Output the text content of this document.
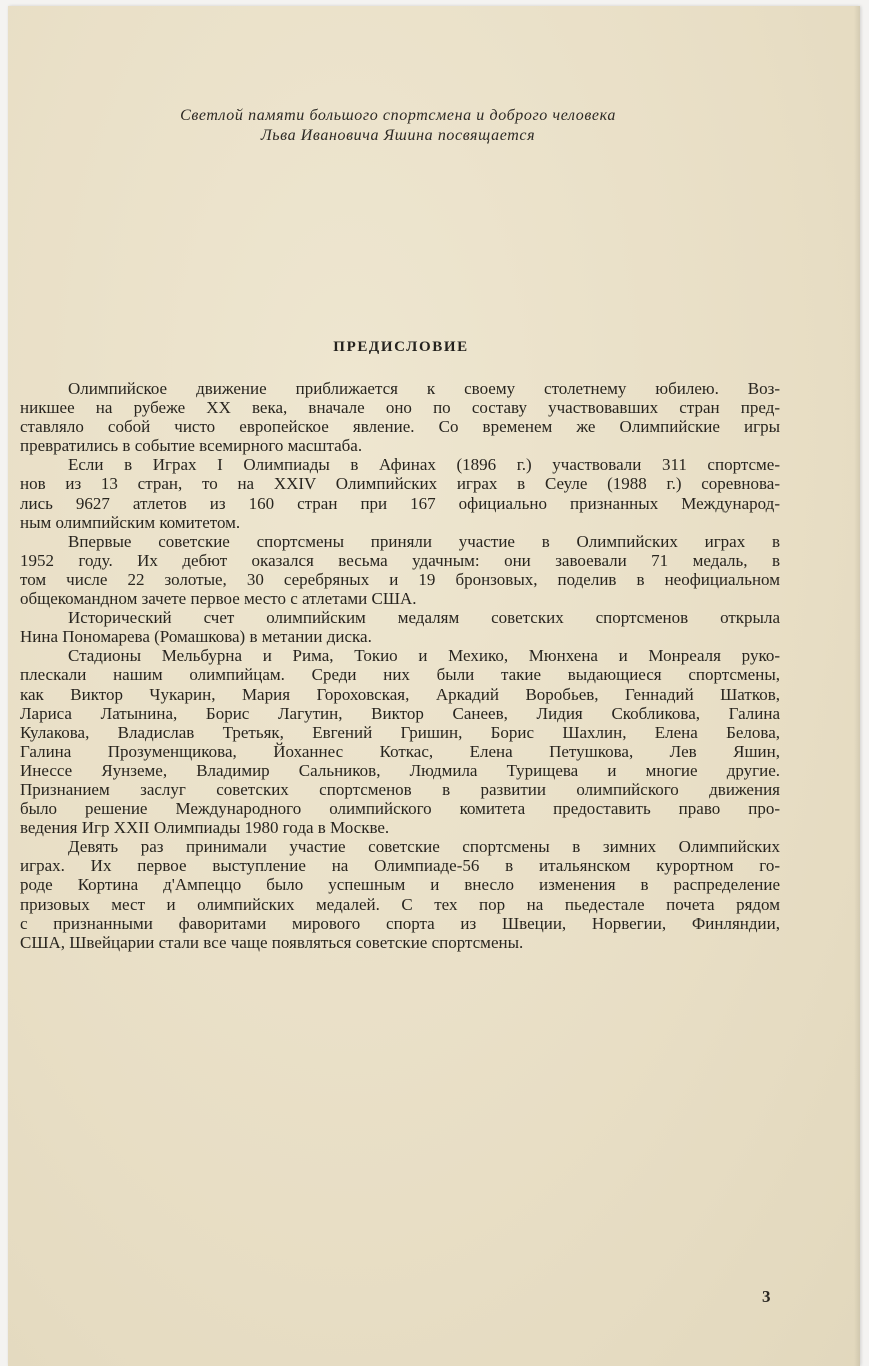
Светлой памяти большого спортсмена и доброго человека
Льва Ивановича Яшина посвящается
ПРЕДИСЛОВИЕ
Олимпийское движение приближается к своему столетнему юбилею. Воз-
никшее на рубеже XX века, вначале оно по составу участвовавших стран пред-
ставляло собой чисто европейское явление. Со временем же Олимпийские игры
превратились в событие всемирного масштаба.
Если в Играх I Олимпиады в Афинах (1896 г.) участвовали 311 спортсме-
нов из 13 стран, то на XXIV Олимпийских играх в Сеуле (1988 г.) соревнова-
лись 9627 атлетов из 160 стран при 167 официально признанных Международ-
ным олимпийским комитетом.
Впервые советские спортсмены приняли участие в Олимпийских играх в
1952 году. Их дебют оказался весьма удачным: они завоевали 71 медаль, в
том числе 22 золотые, 30 серебряных и 19 бронзовых, поделив в неофициальном
общекомандном зачете первое место с атлетами США.
Исторический счет олимпийским медалям советских спортсменов открыла
Нина Пономарева (Ромашкова) в метании диска.
Стадионы Мельбурна и Рима, Токио и Мехико, Мюнхена и Монреаля руко-
плескали нашим олимпийцам. Среди них были такие выдающиеся спортсмены,
как Виктор Чукарин, Мария Гороховская, Аркадий Воробьев, Геннадий Шатков,
Лариса Латынина, Борис Лагутин, Виктор Санеев, Лидия Скобликова, Галина
Кулакова, Владислав Третьяк, Евгений Гришин, Борис Шахлин, Елена Белова,
Галина Прозуменщикова, Йоханнес Коткас, Елена Петушкова, Лев Яшин,
Инессе Яунземе, Владимир Сальников, Людмила Турищева и многие другие.
Признанием заслуг советских спортсменов в развитии олимпийского движения
было решение Международного олимпийского комитета предоставить право про-
ведения Игр XXII Олимпиады 1980 года в Москве.
Девять раз принимали участие советские спортсмены в зимних Олимпийских
играх. Их первое выступление на Олимпиаде-56 в итальянском курортном го-
роде Кортина д'Ампеццо было успешным и внесло изменения в распределение
призовых мест и олимпийских медалей. С тех пор на пьедестале почета рядом
с признанными фаворитами мирового спорта из Швеции, Норвегии, Финляндии,
США, Швейцарии стали все чаще появляться советские спортсмены.
3
